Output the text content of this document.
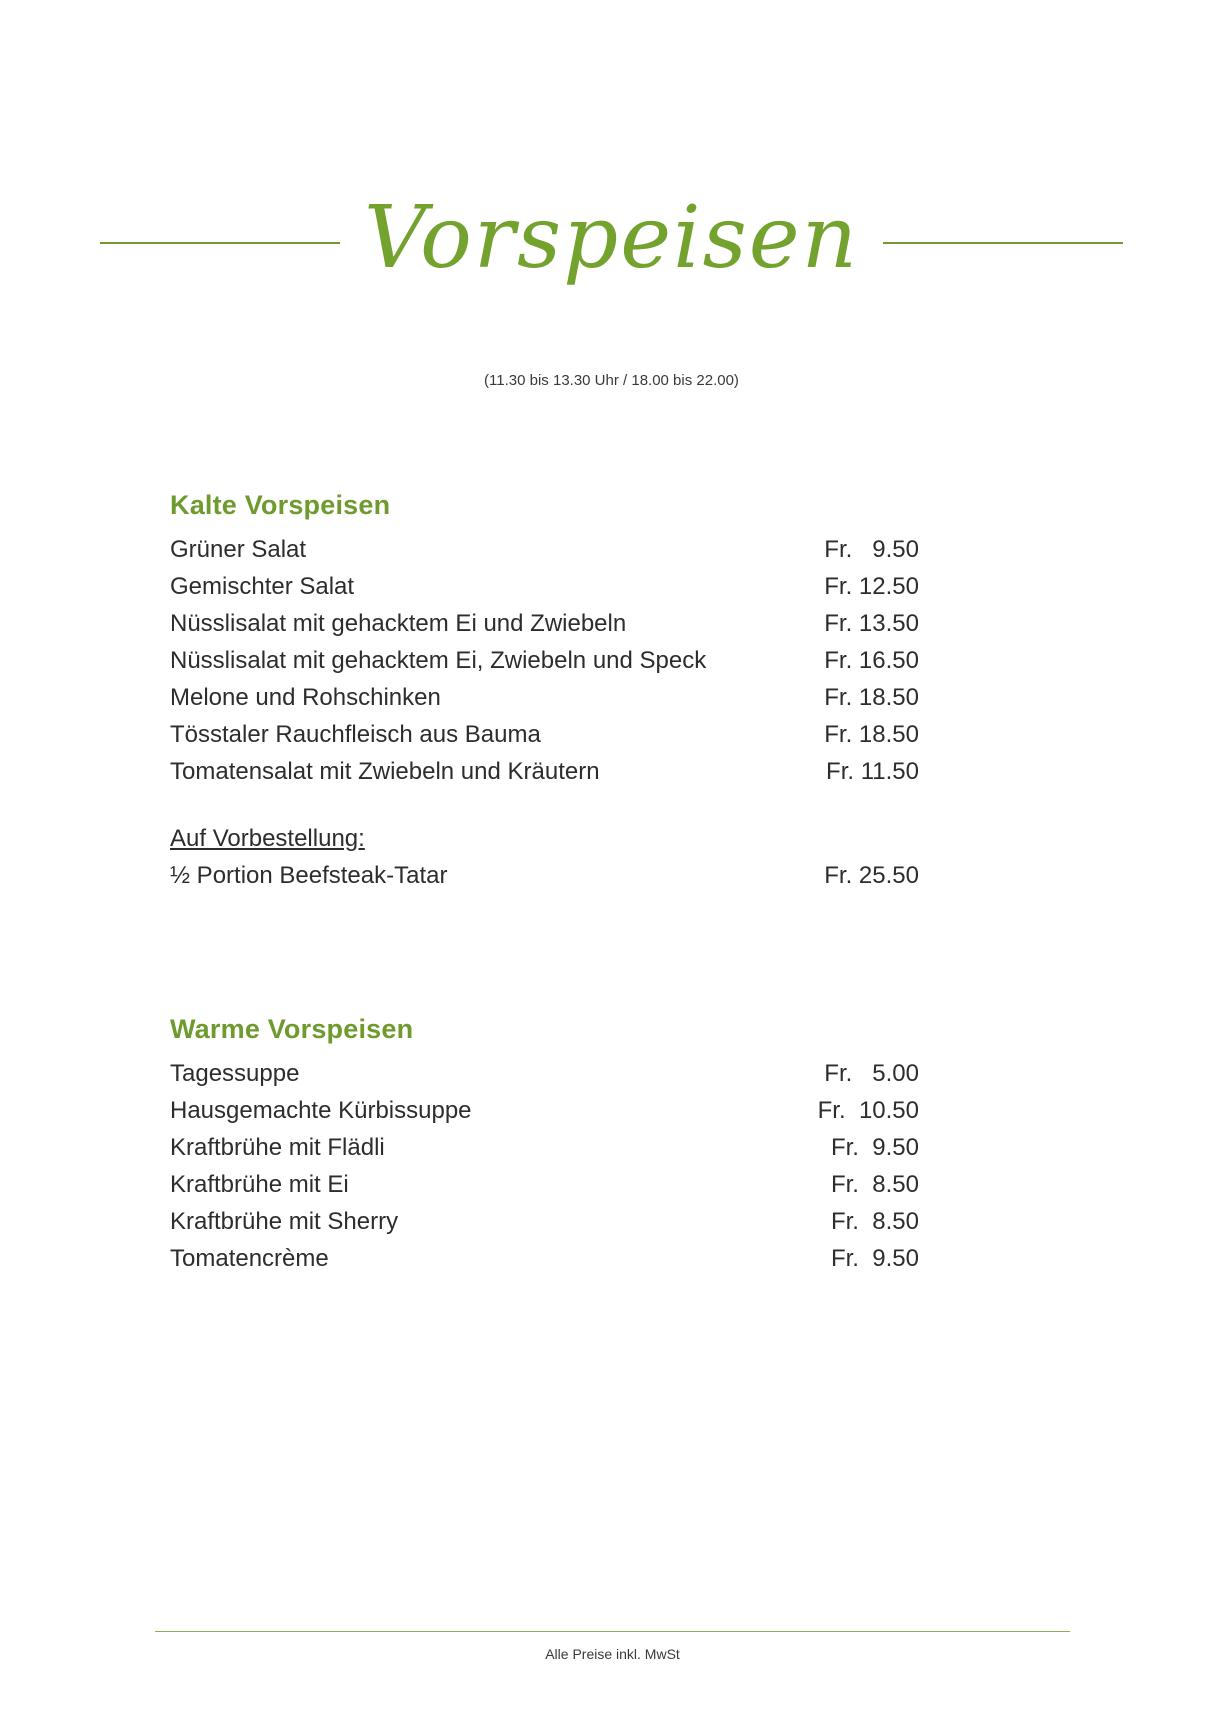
Vorspeisen
(11.30 bis 13.30 Uhr / 18.00 bis 22.00)
Kalte Vorspeisen
Grüner Salat	Fr.   9.50
Gemischter Salat	Fr. 12.50
Nüsslisalat mit gehacktem Ei und Zwiebeln	Fr. 13.50
Nüsslisalat mit gehacktem Ei, Zwiebeln und Speck	Fr. 16.50
Melone und Rohschinken	Fr. 18.50
Tösstaler Rauchfleisch aus Bauma	Fr. 18.50
Tomatensalat mit Zwiebeln und Kräutern	Fr. 11.50
Auf Vorbestellung:
½ Portion Beefsteak-Tatar	Fr. 25.50
Warme Vorspeisen
Tagessuppe	Fr.   5.00
Hausgemachte Kürbissuppe	Fr.  10.50
Kraftbrühe mit Flädli	Fr.  9.50
Kraftbrühe mit Ei	Fr.  8.50
Kraftbrühe mit Sherry	Fr.  8.50
Tomatencrème	Fr.  9.50
Alle Preise inkl. MwSt
